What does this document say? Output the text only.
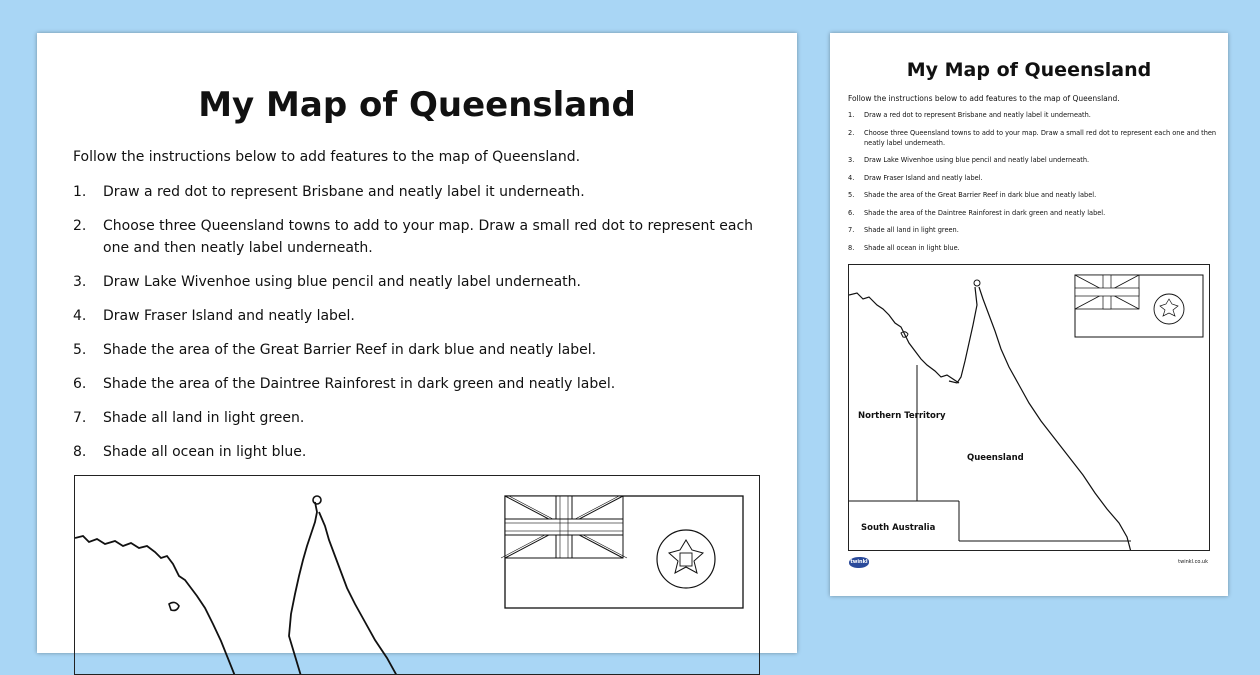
My Map of Queensland
Follow the instructions below to add features to the map of Queensland.
1. Draw a red dot to represent Brisbane and neatly label it underneath.
2. Choose three Queensland towns to add to your map. Draw a small red dot to represent each one and then neatly label underneath.
3. Draw Lake Wivenhoe using blue pencil and neatly label underneath.
4. Draw Fraser Island and neatly label.
5. Shade the area of the Great Barrier Reef in dark blue and neatly label.
6. Shade the area of the Daintree Rainforest in dark green and neatly label.
7. Shade all land in light green.
8. Shade all ocean in light blue.
My Map of Queensland
Follow the instructions below to add features to the map of Queensland.
1. Draw a red dot to represent Brisbane and neatly label it underneath.
2. Choose three Queensland towns to add to your map. Draw a small red dot to represent each one and then neatly label underneath.
3. Draw Lake Wivenhoe using blue pencil and neatly label underneath.
4. Draw Fraser Island and neatly label.
5. Shade the area of the Great Barrier Reef in dark blue and neatly label.
6. Shade the area of the Daintree Rainforest in dark green and neatly label.
7. Shade all land in light green.
8. Shade all ocean in light blue.
Northern Territory
Queensland
South Australia
twinkl	twinkl.co.uk
